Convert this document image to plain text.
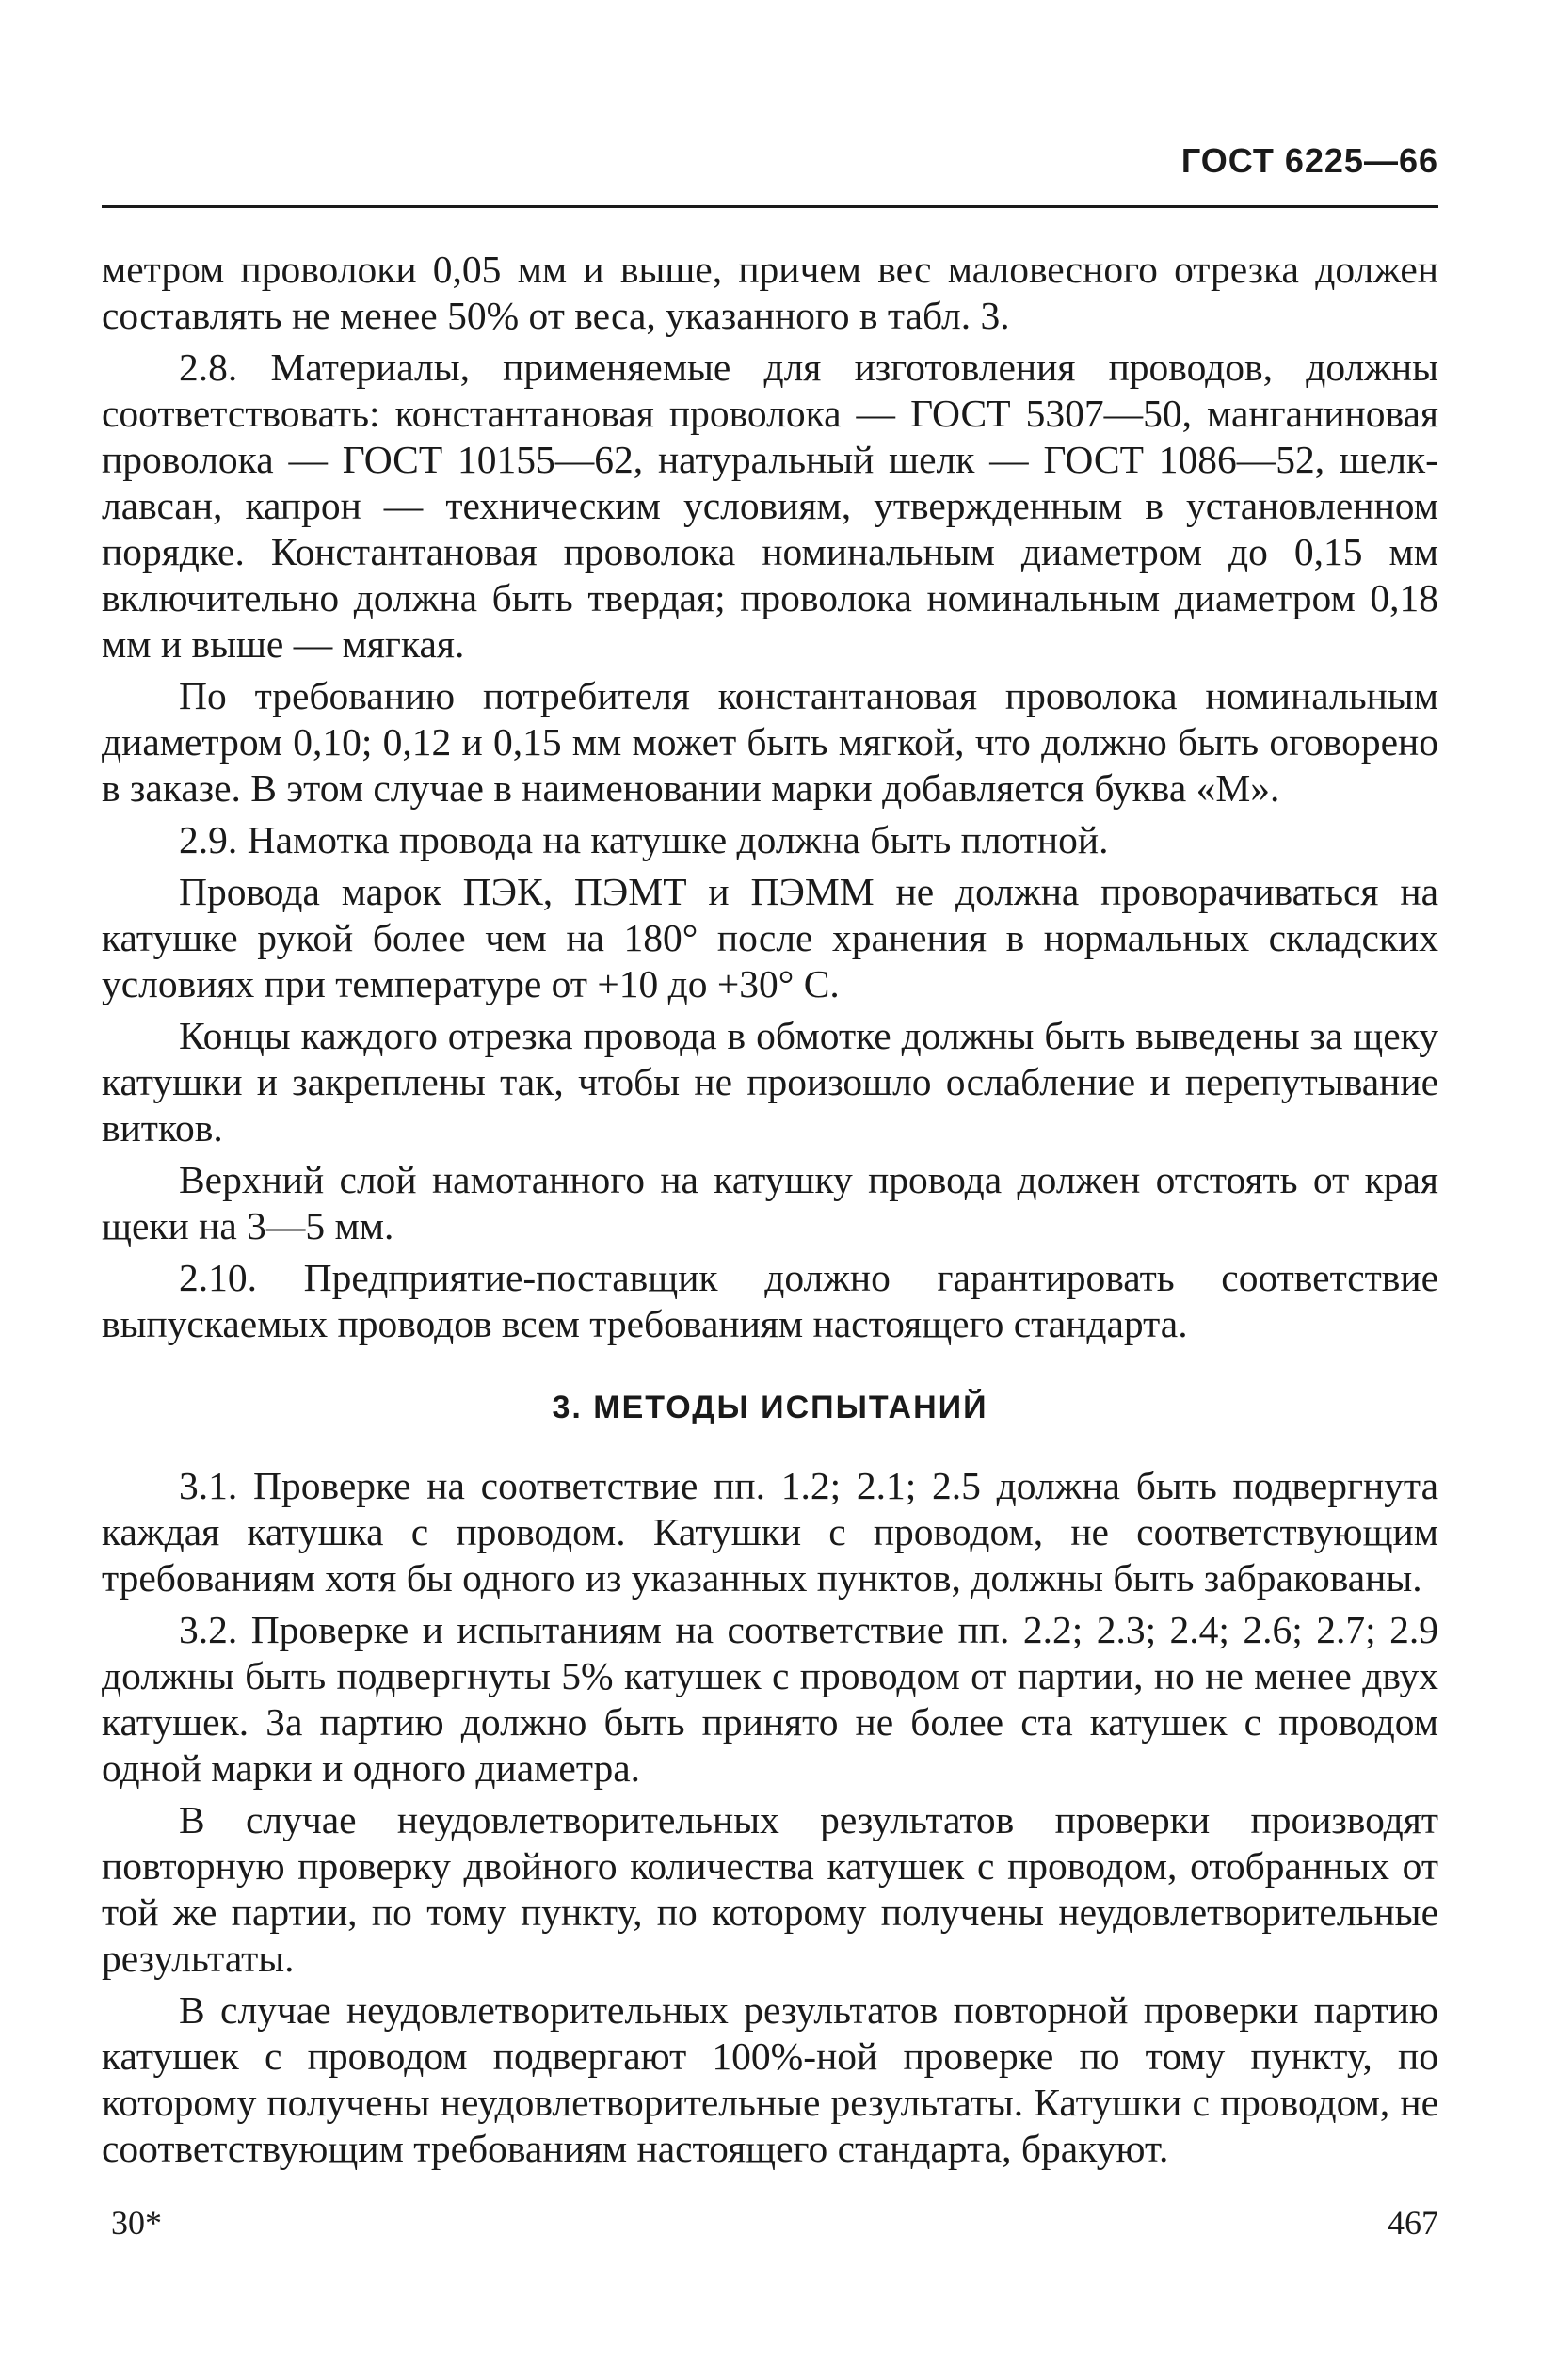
ГОСТ 6225—66

метром проволоки 0,05 мм и выше, причем вес маловесного отрезка должен составлять не менее 50% от веса, указанного в табл. 3.

2.8. Материалы, применяемые для изготовления проводов, должны соответствовать: константановая проволока — ГОСТ 5307—50, манганиновая проволока — ГОСТ 10155—62, натуральный шелк — ГОСТ 1086—52, шелк-лавсан, капрон — техническим условиям, утвержденным в установленном порядке. Константановая проволока номинальным диаметром до 0,15 мм включительно должна быть твердая; проволока номинальным диаметром 0,18 мм и выше — мягкая.

По требованию потребителя константановая проволока номинальным диаметром 0,10; 0,12 и 0,15 мм может быть мягкой, что должно быть оговорено в заказе. В этом случае в наименовании марки добавляется буква «М».

2.9. Намотка провода на катушке должна быть плотной.

Провода марок ПЭК, ПЭМТ и ПЭММ не должна проворачиваться на катушке рукой более чем на 180° после хранения в нормальных складских условиях при температуре от +10 до +30° С.

Концы каждого отрезка провода в обмотке должны быть выведены за щеку катушки и закреплены так, чтобы не произошло ослабление и перепутывание витков.

Верхний слой намотанного на катушку провода должен отстоять от края щеки на 3—5 мм.

2.10. Предприятие-поставщик должно гарантировать соответствие выпускаемых проводов всем требованиям настоящего стандарта.

3. МЕТОДЫ ИСПЫТАНИЙ

3.1. Проверке на соответствие пп. 1.2; 2.1; 2.5 должна быть подвергнута каждая катушка с проводом. Катушки с проводом, не соответствующим требованиям хотя бы одного из указанных пунктов, должны быть забракованы.

3.2. Проверке и испытаниям на соответствие пп. 2.2; 2.3; 2.4; 2.6; 2.7; 2.9 должны быть подвергнуты 5% катушек с проводом от партии, но не менее двух катушек. За партию должно быть принято не более ста катушек с проводом одной марки и одного диаметра.

В случае неудовлетворительных результатов проверки производят повторную проверку двойного количества катушек с проводом, отобранных от той же партии, по тому пункту, по которому получены неудовлетворительные результаты.

В случае неудовлетворительных результатов повторной проверки партию катушек с проводом подвергают 100%-ной проверке по тому пункту, по которому получены неудовлетворительные результаты. Катушки с проводом, не соответствующим требованиям настоящего стандарта, бракуют.

30*	467
